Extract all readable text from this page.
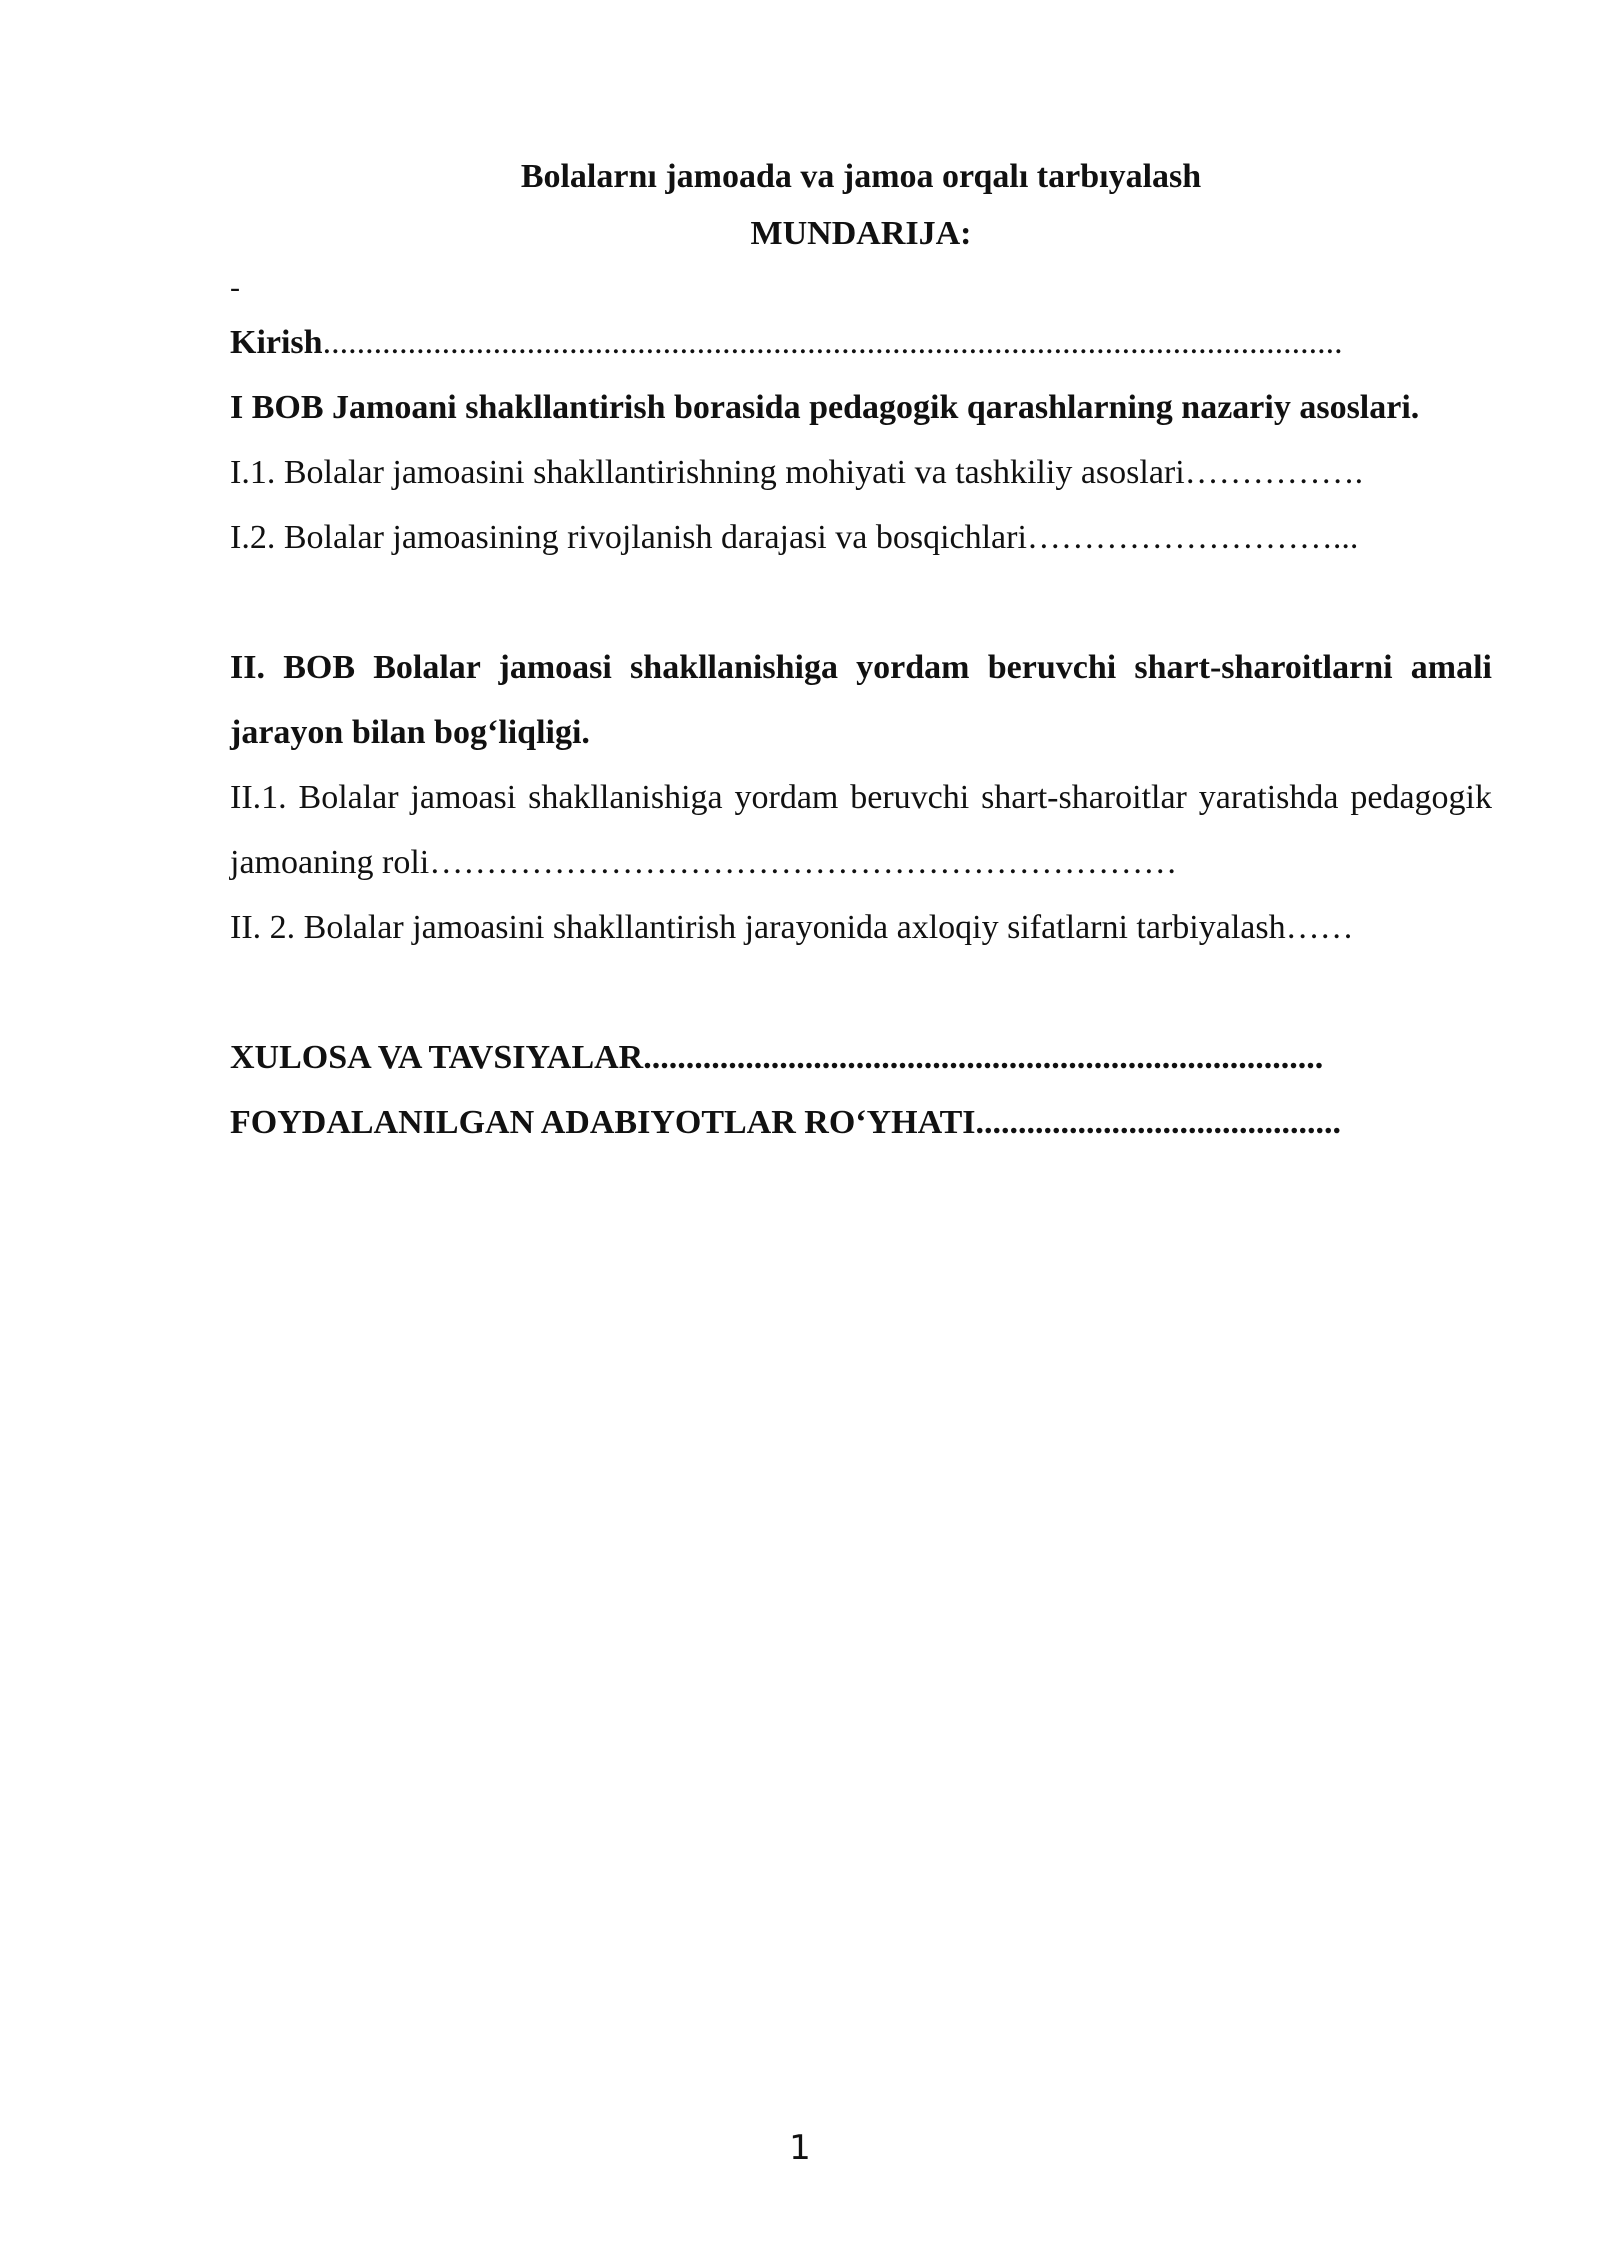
Bolalarnı jamoada va jamoa orqalı tarbıyalash

MUNDARIJA:

-

Kirish........................................................................................................................

I BOB Jamoani shakllantirish borasida pedagogik qarashlarning nazariy asoslari.

I.1. Bolalar jamoasini shakllantirishning mohiyati va tashkiliy asoslari…………….

I.2. Bolalar jamoasining rivojlanish darajasi va bosqichlari………………………...

II. BOB Bolalar jamoasi shakllanishiga yordam beruvchi shart-sharoitlarni amali jarayon bilan bog‘liqligi.

II.1. Bolalar jamoasi shakllanishiga yordam beruvchi shart-sharoitlar yaratishda pedagogik jamoaning roli…………………………………………………………

II. 2. Bolalar jamoasini shakllantirish jarayonida axloqiy sifatlarni tarbiyalash……

XULOSA VA TAVSIYALAR................................................................................

FOYDALANILGAN ADABIYOTLAR RO‘YHATI...........................................

1
